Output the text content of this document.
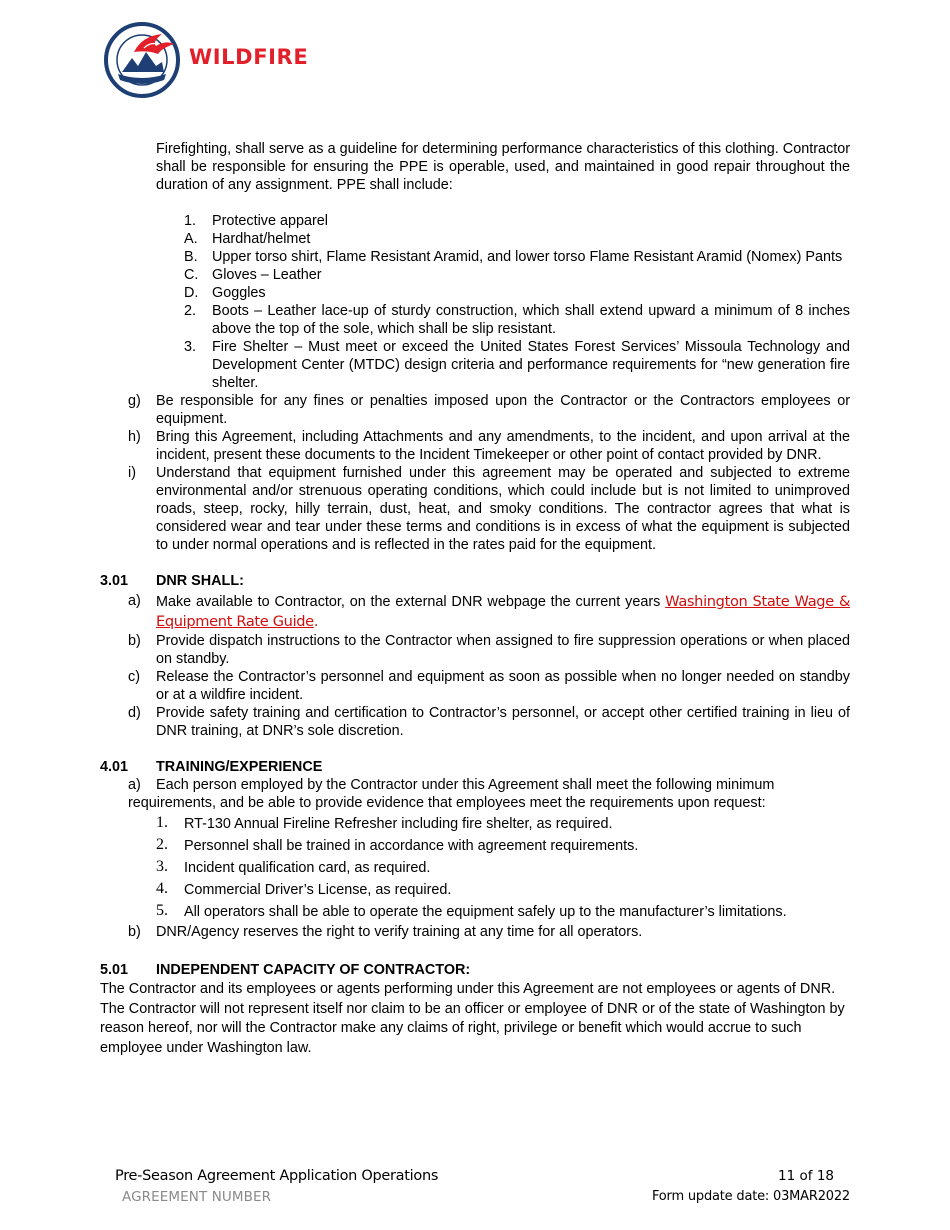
WILDFIRE

Firefighting, shall serve as a guideline for determining performance characteristics of this clothing. Contractor shall be responsible for ensuring the PPE is operable, used, and maintained in good repair throughout the duration of any assignment. PPE shall include:

1. Protective apparel

A. Hardhat/helmet

B. Upper torso shirt, Flame Resistant Aramid, and lower torso Flame Resistant Aramid (Nomex) Pants

C. Gloves – Leather

D. Goggles

2. Boots – Leather lace-up of sturdy construction, which shall extend upward a minimum of 8 inches above the top of the sole, which shall be slip resistant.

3. Fire Shelter – Must meet or exceed the United States Forest Services’ Missoula Technology and Development Center (MTDC) design criteria and performance requirements for “new generation fire shelter.

g) Be responsible for any fines or penalties imposed upon the Contractor or the Contractors employees or equipment.

h) Bring this Agreement, including Attachments and any amendments, to the incident, and upon arrival at the incident, present these documents to the Incident Timekeeper or other point of contact provided by DNR.

i) Understand that equipment furnished under this agreement may be operated and subjected to extreme environmental and/or strenuous operating conditions, which could include but is not limited to unimproved roads, steep, rocky, hilly terrain, dust, heat, and smoky conditions. The contractor agrees that what is considered wear and tear under these terms and conditions is in excess of what the equipment is subjected to under normal operations and is reflected in the rates paid for the equipment.

3.01 DNR SHALL:
a) Make available to Contractor, on the external DNR webpage the current years Washington State Wage & Equipment Rate Guide.

b) Provide dispatch instructions to the Contractor when assigned to fire suppression operations or when placed on standby.

c) Release the Contractor’s personnel and equipment as soon as possible when no longer needed on standby or at a wildfire incident.

d) Provide safety training and certification to Contractor’s personnel, or accept other certified training in lieu of DNR training, at DNR’s sole discretion.

4.01 TRAINING/EXPERIENCE

a) Each person employed by the Contractor under this Agreement shall meet the following minimum requirements, and be able to provide evidence that employees meet the requirements upon request:

1. RT-130 Annual Fireline Refresher including fire shelter, as required.

2. Personnel shall be trained in accordance with agreement requirements.

3. Incident qualification card, as required.

4. Commercial Driver’s License, as required.

5. All operators shall be able to operate the equipment safely up to the manufacturer’s limitations.

b) DNR/Agency reserves the right to verify training at any time for all operators.

5.01 INDEPENDENT CAPACITY OF CONTRACTOR:

The Contractor and its employees or agents performing under this Agreement are not employees or agents of DNR. The Contractor will not represent itself nor claim to be an officer or employee of DNR or of the state of Washington by reason hereof, nor will the Contractor make any claims of right, privilege or benefit which would accrue to such employee under Washington law.

Pre-Season Agreement Application Operations
AGREEMENT NUMBER
11 of 18
Form update date: 03MAR2022
